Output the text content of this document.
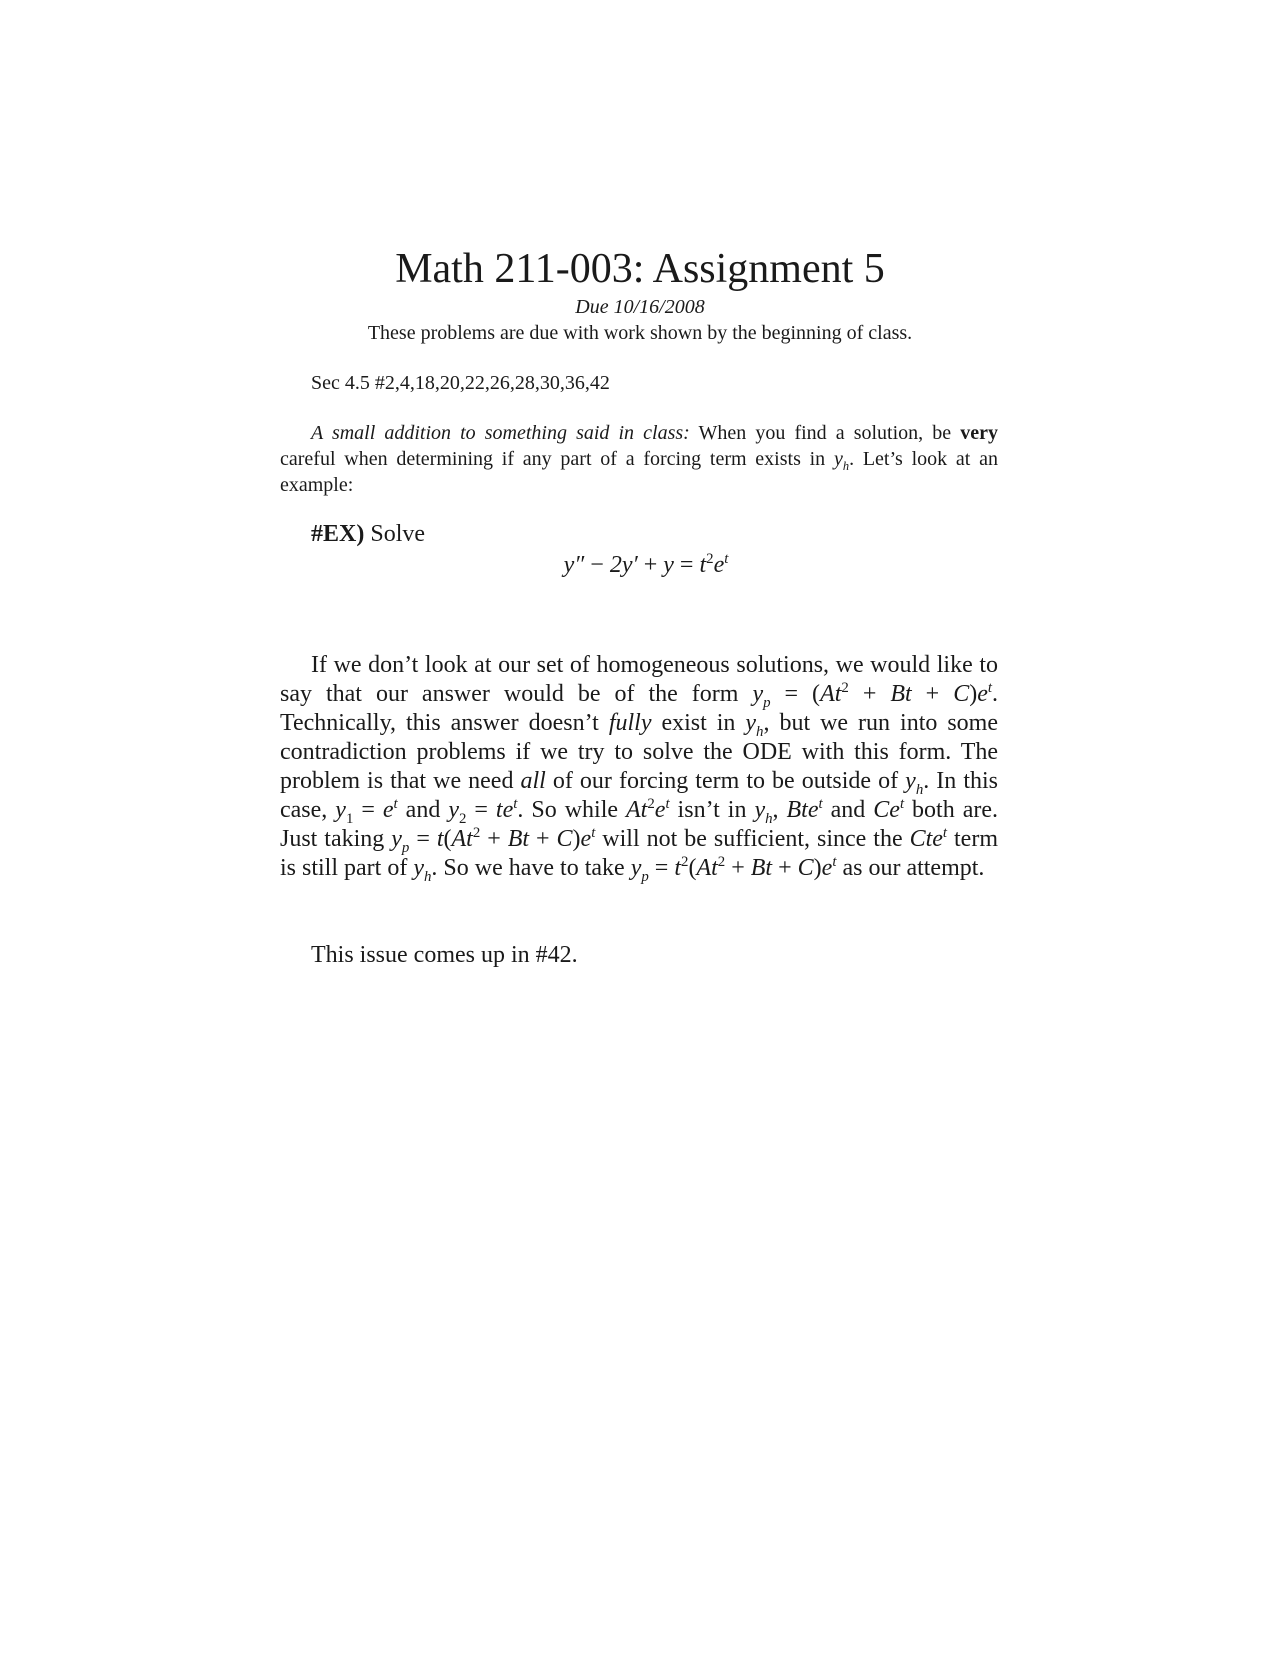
Math 211-003: Assignment 5
Due 10/16/2008
These problems are due with work shown by the beginning of class.
Sec 4.5 #2,4,18,20,22,26,28,30,36,42
A small addition to something said in class: When you find a solution, be very careful when determining if any part of a forcing term exists in $y_h$. Let’s look at an example:
#EX) Solve
$y'' - 2y' + y = t^2e^t$
If we don’t look at our set of homogeneous solutions, we would like to say that our answer would be of the form $y_p = (At^2 + Bt + C)e^t$. Technically, this answer doesn’t fully exist in $y_h$, but we run into some contradiction problems if we try to solve the ODE with this form. The problem is that we need all of our forcing term to be outside of $y_h$. In this case, $y_1 = e^t$ and $y_2 = te^t$. So while $At^2e^t$ isn’t in $y_h$, Bte$^t$ and Ce$^t$ both are. Just taking $y_p = t(At^2 + Bt + C)e^t$ will not be sufficient, since the Cte$^t$ term is still part of $y_h$. So we have to take $y_p = t^2(At^2 + Bt + C)e^t$ as our attempt.
This issue comes up in #42.
